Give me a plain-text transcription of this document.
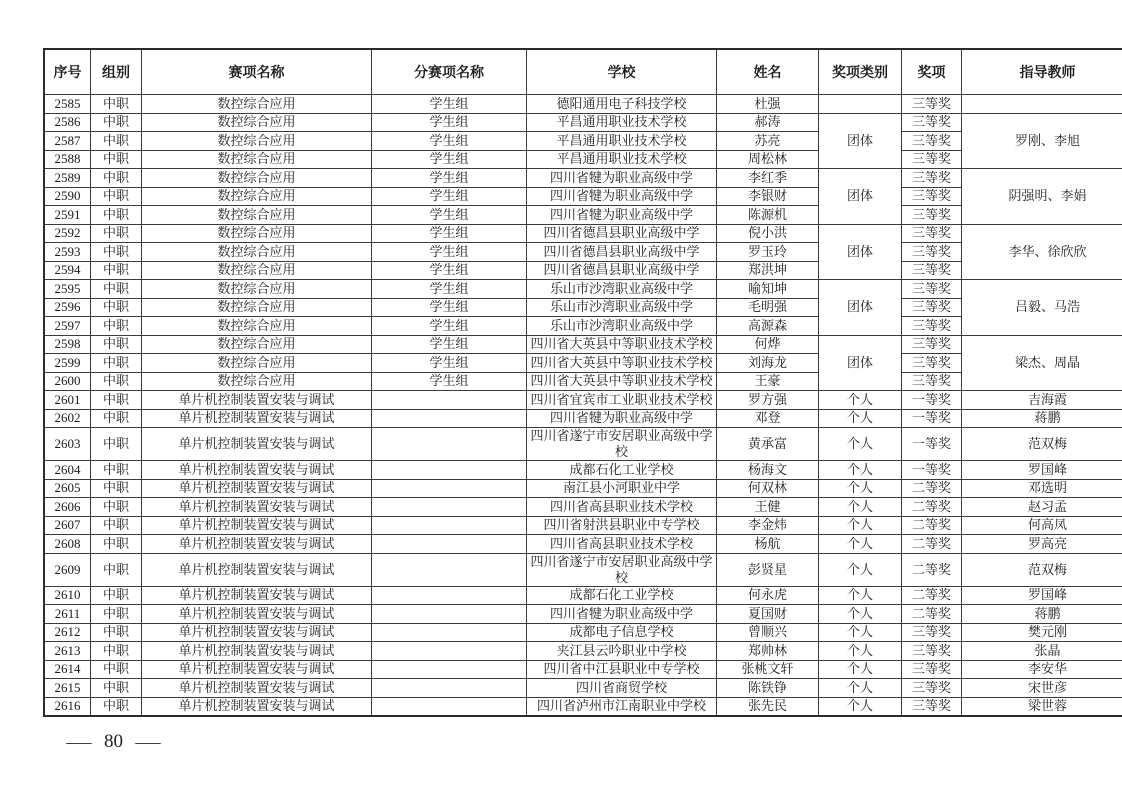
序号	组别	赛项名称	分赛项名称	学校	姓名	奖项类别	奖项	指导教师
2585	中职	数控综合应用	学生组	德阳通用电子科技学校	杜强		三等奖	
2586	中职	数控综合应用	学生组	平昌通用职业技术学校	郝涛	团体	三等奖	罗刚、李旭
2587	中职	数控综合应用	学生组	平昌通用职业技术学校	苏亮		三等奖	
2588	中职	数控综合应用	学生组	平昌通用职业技术学校	周松林		三等奖	
2589	中职	数控综合应用	学生组	四川省犍为职业高级中学	李红季	团体	三等奖	阴强明、李娟
2590	中职	数控综合应用	学生组	四川省犍为职业高级中学	李银财		三等奖	
2591	中职	数控综合应用	学生组	四川省犍为职业高级中学	陈源机		三等奖	
2592	中职	数控综合应用	学生组	四川省德昌县职业高级中学	倪小洪	团体	三等奖	李华、徐欣欣
2593	中职	数控综合应用	学生组	四川省德昌县职业高级中学	罗玉玲		三等奖	
2594	中职	数控综合应用	学生组	四川省德昌县职业高级中学	郑洪坤		三等奖	
2595	中职	数控综合应用	学生组	乐山市沙湾职业高级中学	喻知坤	团体	三等奖	吕毅、马浩
2596	中职	数控综合应用	学生组	乐山市沙湾职业高级中学	毛明强		三等奖	
2597	中职	数控综合应用	学生组	乐山市沙湾职业高级中学	高源森		三等奖	
2598	中职	数控综合应用	学生组	四川省大英县中等职业技术学校	何烨	团体	三等奖	梁杰、周晶
2599	中职	数控综合应用	学生组	四川省大英县中等职业技术学校	刘海龙		三等奖	
2600	中职	数控综合应用	学生组	四川省大英县中等职业技术学校	王豪		三等奖	
2601	中职	单片机控制装置安装与调试		四川省宜宾市工业职业技术学校	罗方强	个人	一等奖	吉海霞
2602	中职	单片机控制装置安装与调试		四川省犍为职业高级中学	邓登	个人	一等奖	蒋鹏
2603	中职	单片机控制装置安装与调试		四川省遂宁市安居职业高级中学校	黄承富	个人	一等奖	范双梅
2604	中职	单片机控制装置安装与调试		成都石化工业学校	杨海文	个人	一等奖	罗国峰
2605	中职	单片机控制装置安装与调试		南江县小河职业中学	何双林	个人	二等奖	邓选明
2606	中职	单片机控制装置安装与调试		四川省高县职业技术学校	王健	个人	二等奖	赵习孟
2607	中职	单片机控制装置安装与调试		四川省射洪县职业中专学校	李金炜	个人	二等奖	何高凤
2608	中职	单片机控制装置安装与调试		四川省高县职业技术学校	杨航	个人	二等奖	罗高亮
2609	中职	单片机控制装置安装与调试		四川省遂宁市安居职业高级中学校	彭贤星	个人	二等奖	范双梅
2610	中职	单片机控制装置安装与调试		成都石化工业学校	何永虎	个人	二等奖	罗国峰
2611	中职	单片机控制装置安装与调试		四川省犍为职业高级中学	夏国财	个人	二等奖	蒋鹏
2612	中职	单片机控制装置安装与调试		成都电子信息学校	曾顺兴	个人	三等奖	樊元刚
2613	中职	单片机控制装置安装与调试		夹江县云吟职业中学校	郑帅林	个人	三等奖	张晶
2614	中职	单片机控制装置安装与调试		四川省中江县职业中专学校	张桃文轩	个人	三等奖	李安华
2615	中职	单片机控制装置安装与调试		四川省商贸学校	陈铁铮	个人	三等奖	宋世彦
2616	中职	单片机控制装置安装与调试		四川省泸州市江南职业中学校	张先民	个人	三等奖	梁世蓉
— 80 —
